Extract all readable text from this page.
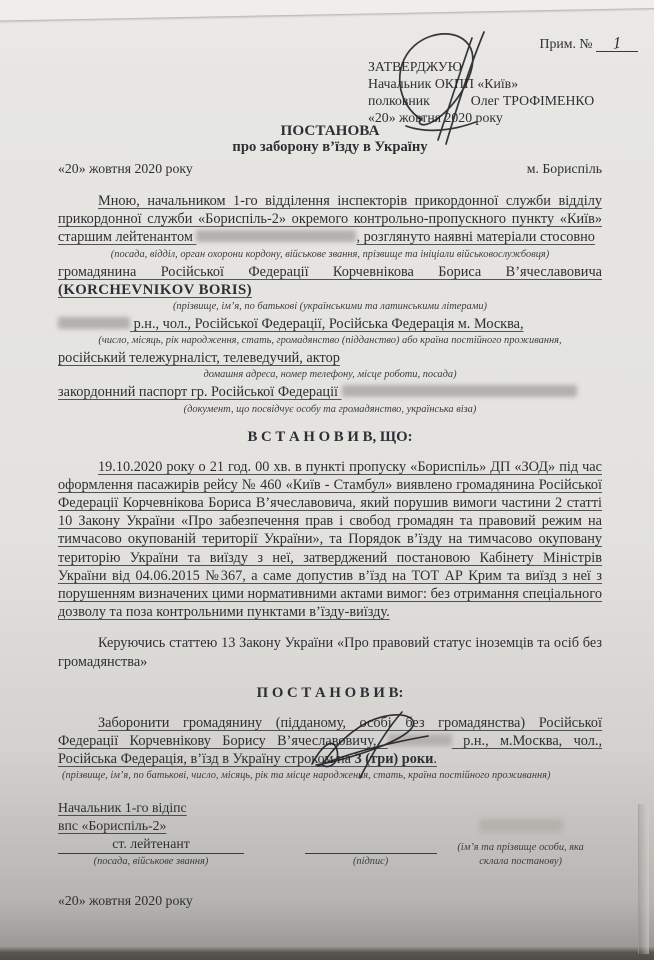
Прим. № 1
ЗАТВЕРДЖУЮ
Начальник ОКПП «Київ»
полковник	Олег ТРОФІМЕНКО
«20» жовтня 2020 року
ПОСТАНОВА
про заборону в’їзду в Україну
«20» жовтня 2020 року	м. Бориспіль

Мною, начальником 1-го відділення інспекторів прикордонної служби відділу прикордонної служби «Бориспіль-2» окремого контрольно-пропускного пункту «Київ» старшим лейтенантом	, розглянуто наявні матеріали стосовно

(посада, відділ, орган охорони кордону, військове звання, прізвище та ініціали військовослужбовця)

громадянина Російської Федерації Корчевнікова Бориса В’ячеславовича

(KORCHEVNIKOV BORIS)

(прізвище, ім’я, по батькові (українськими та латинськими літерами)

р.н., чол., Російської Федерації, Російська Федерація м. Москва,

(число, місяць, рік народження, стать, громадянство (підданство) або країна постійного проживання,

російський тележурналіст, телеведучий, актор

домашня адреса, номер телефону, місце роботи, посада)

закордонний паспорт гр. Російської Федерації

(документ, що посвідчує особу та громадянство, українська віза)
В С Т А Н О В И В, ЩО:

19.10.2020 року о 21 год. 00 хв. в пункті пропуску «Бориспіль» ДП «ЗОД» під час оформлення пасажирів рейсу № 460 «Київ - Стамбул» виявлено громадянина Російської Федерації Корчевнікова Бориса В’ячеславовича, який порушив вимоги частини 2 статті 10 Закону України «Про забезпечення прав і свобод громадян та правовий режим на тимчасово окупованій території України», та Порядок в’їзду на тимчасово окуповану територію України та виїзду з неї, затверджений постановою Кабінету Міністрів України від 04.06.2015 №367, а саме допустив в’їзд на ТОТ АР Крим та виїзд з неї з порушенням визначених цими нормативними актами вимог: без отримання спеціального дозволу та поза контрольними пунктами в’їзду-виїзду.

Керуючись статтею 13 Закону України «Про правовий статус іноземців та осіб без громадянства»

П О С Т А Н О В И В:

Заборонити громадянину (підданому, особі без громадянства) Російської Федерації Корчевнікову Борису В’ячеславовичу,	р.н., м.Москва, чол., Російська Федерація, в’їзд в Україну строком на 3 (три) роки.

(прізвище, ім’я, по батькові, число, місяць, рік та місце народження, стать, країна постійного проживання)
Начальник 1-го відіпс
впс «Бориспіль-2»

ст. лейтенант
(посада, військове звання)	(підпис)
(ім’я та прізвище особи, яка
склала постанову)
«20» жовтня 2020 року
